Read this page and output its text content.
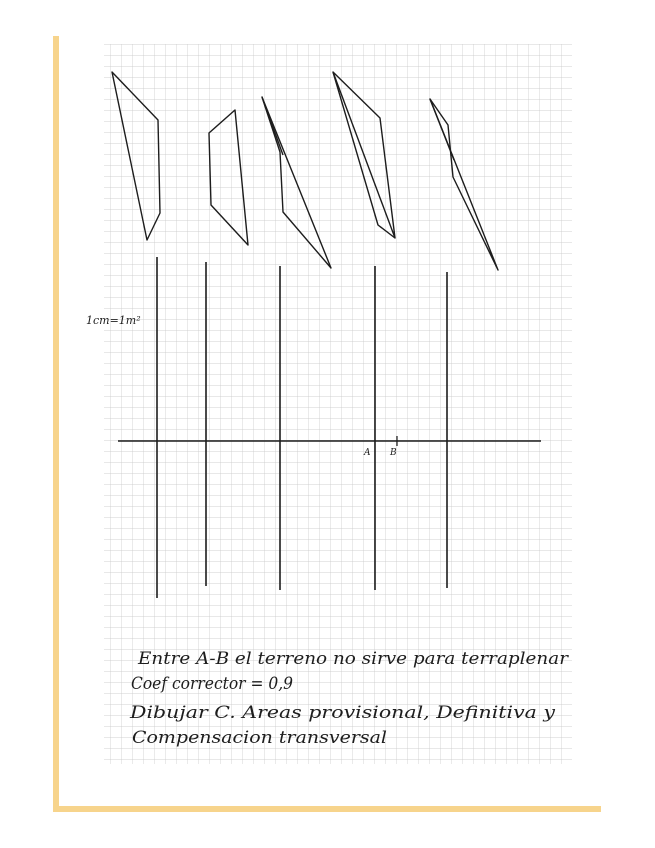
1cm=1m²
A B
Entre A-B el terreno no sirve para terraplenar
Coef corrector = 0,9
Dibujar C. Areas provisional, Definitiva y
Compensacion transversal
